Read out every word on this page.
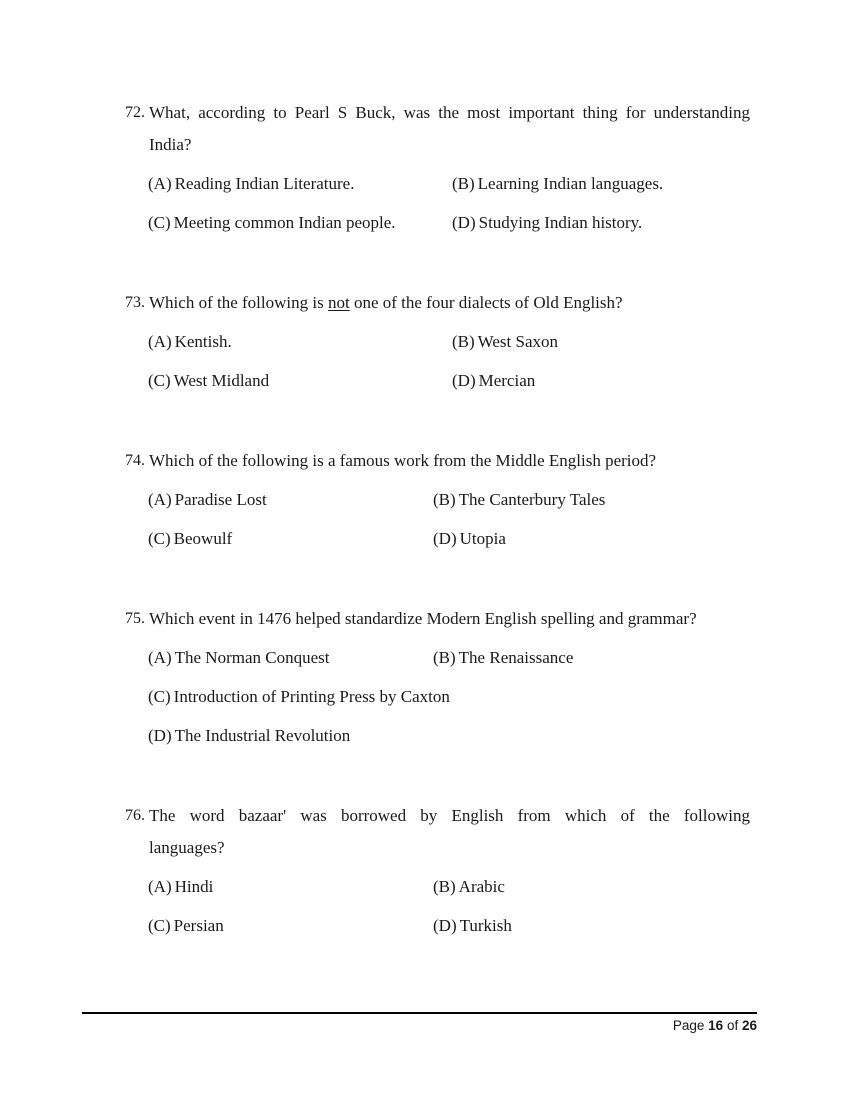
72. What, according to Pearl S Buck, was the most important thing for understanding
India?
(A) Reading Indian Literature.	(B) Learning Indian languages.
(C) Meeting common Indian people.	(D) Studying Indian history.
73. Which of the following is not one of the four dialects of Old English?
(A) Kentish.	(B) West Saxon
(C) West Midland	(D) Mercian
74. Which of the following is a famous work from the Middle English period?
(A) Paradise Lost	(B) The Canterbury Tales
(C) Beowulf	(D) Utopia
75. Which event in 1476 helped standardize Modern English spelling and grammar?
(A) The Norman Conquest	(B) The Renaissance
(C) Introduction of Printing Press by Caxton
(D) The Industrial Revolution
76. The word bazaar' was borrowed by English from which of the following
languages?
(A) Hindi	(B) Arabic
(C) Persian	(D) Turkish
Page 16 of 26
